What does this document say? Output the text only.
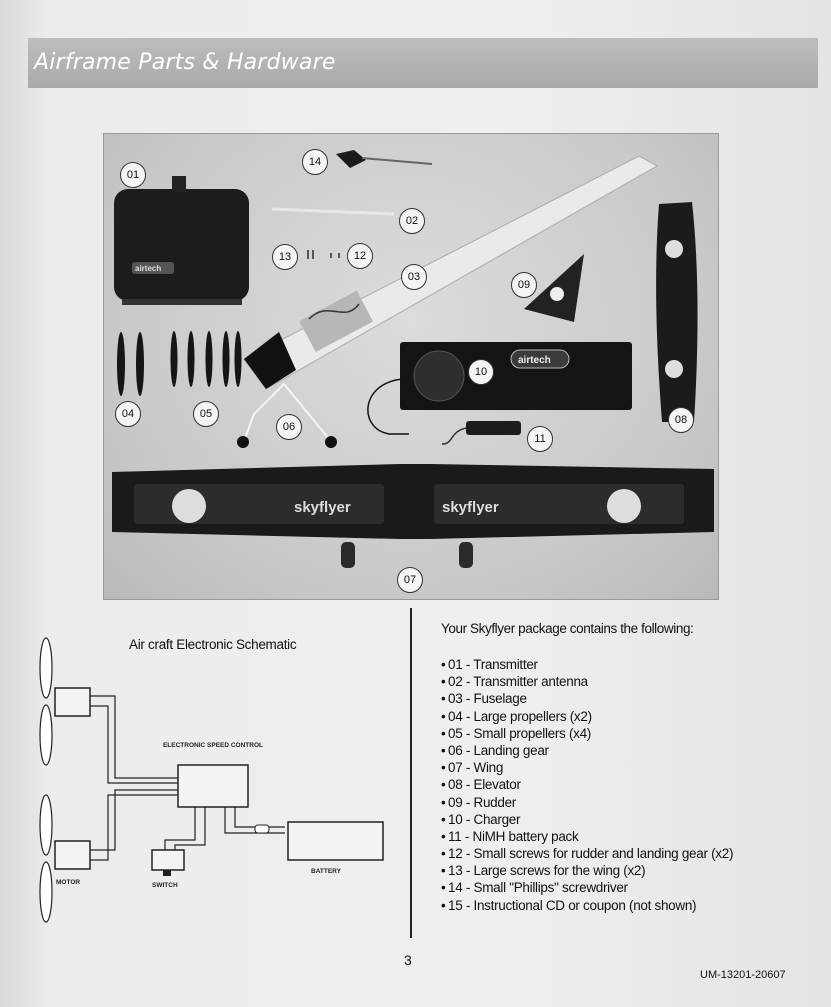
Airframe Parts & Hardware
airtech
airtech
skyflyer	skyflyer
01
02
03
04	05
06
07
08
09
10
11
12
13
14
Air craft Electronic Schematic
ELECTRONIC SPEED CONTROL
MOTOR	SWITCH
BATTERY
Your Skyflyer package contains the following:
• 01 - Transmitter
• 02 - Transmitter antenna
• 03 - Fuselage
• 04 - Large propellers (x2)
• 05 - Small propellers (x4)
• 06 - Landing gear
• 07 - Wing
• 08 - Elevator
• 09 - Rudder
• 10 - Charger
• 11 - NiMH battery pack
• 12 - Small screws for rudder and landing gear (x2)
• 13 - Large screws for the wing (x2)
• 14 - Small "Phillips" screwdriver
• 15 - Instructional CD or coupon (not shown)
3
UM-13201-20607
